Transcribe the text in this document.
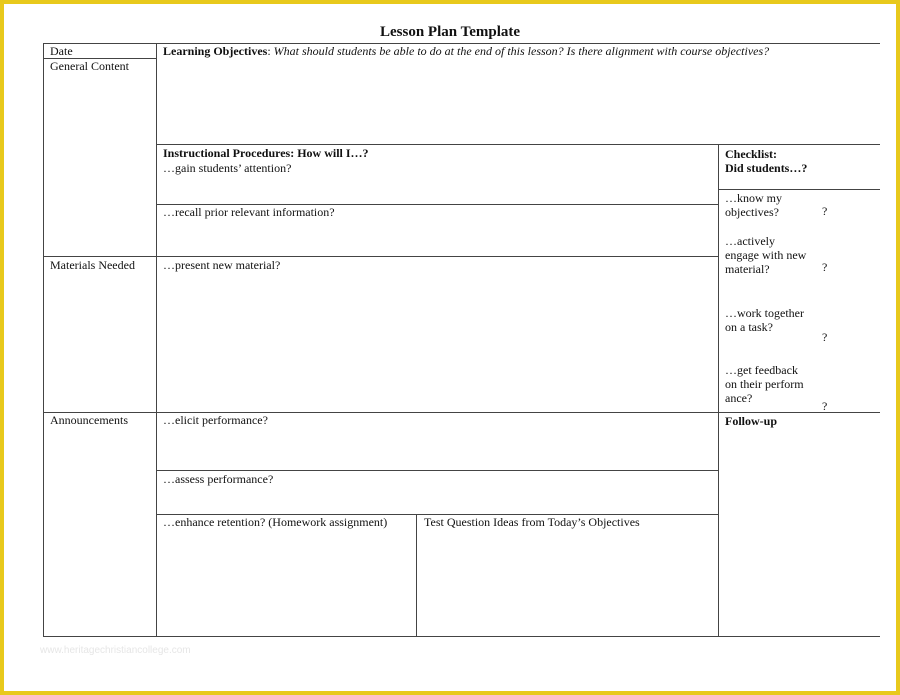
Lesson Plan Template
Date
General Content
Materials Needed
Announcements
Learning Objectives: What should students be able to do at the end of this lesson? Is there alignment with course objectives?
Instructional Procedures: How will I…?
…gain students’ attention?
…recall prior relevant information?
…present new material?
…elicit performance?
…assess performance?
…enhance retention? (Homework assignment)	Test Question Ideas from Today’s Objectives
Checklist:
Did students…?
…know my
objectives?	?
…actively
engage with new
material?	?
…work together
on a task?
?
…get feedback
on their perform
ance?
?
Follow-up
www.heritagechristiancollege.com
